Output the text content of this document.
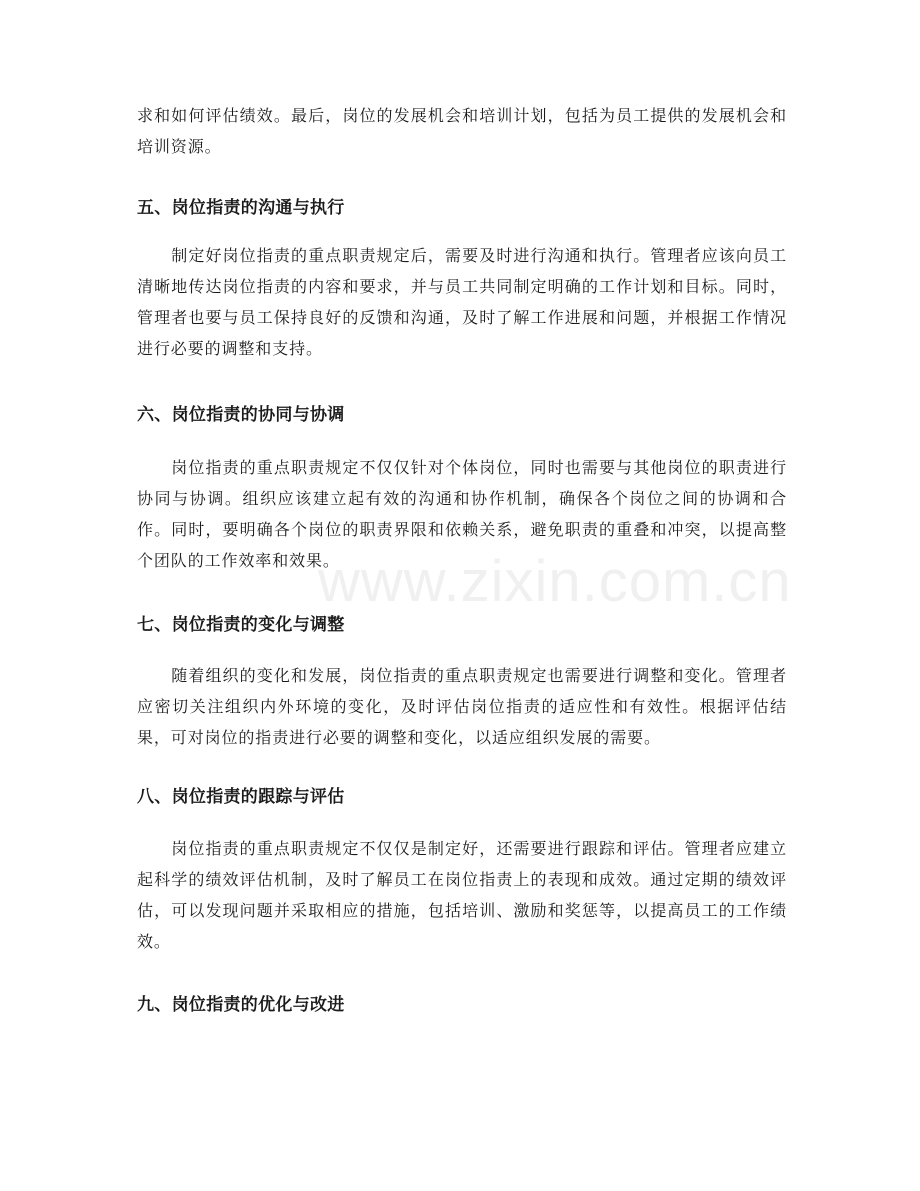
求和如何评估绩效。最后，岗位的发展机会和培训计划，包括为员工提供的发展机会和培训资源。

五、岗位指责的沟通与执行

　　制定好岗位指责的重点职责规定后，需要及时进行沟通和执行。管理者应该向员工清晰地传达岗位指责的内容和要求，并与员工共同制定明确的工作计划和目标。同时，管理者也要与员工保持良好的反馈和沟通，及时了解工作进展和问题，并根据工作情况进行必要的调整和支持。

六、岗位指责的协同与协调

　　岗位指责的重点职责规定不仅仅针对个体岗位，同时也需要与其他岗位的职责进行协同与协调。组织应该建立起有效的沟通和协作机制，确保各个岗位之间的协调和合作。同时，要明确各个岗位的职责界限和依赖关系，避免职责的重叠和冲突，以提高整个团队的工作效率和效果。

七、岗位指责的变化与调整

　　随着组织的变化和发展，岗位指责的重点职责规定也需要进行调整和变化。管理者应密切关注组织内外环境的变化，及时评估岗位指责的适应性和有效性。根据评估结果，可对岗位的指责进行必要的调整和变化，以适应组织发展的需要。

八、岗位指责的跟踪与评估

　　岗位指责的重点职责规定不仅仅是制定好，还需要进行跟踪和评估。管理者应建立起科学的绩效评估机制，及时了解员工在岗位指责上的表现和成效。通过定期的绩效评估，可以发现问题并采取相应的措施，包括培训、激励和奖惩等，以提高员工的工作绩效。

九、岗位指责的优化与改进
www.zixin.com.cn
